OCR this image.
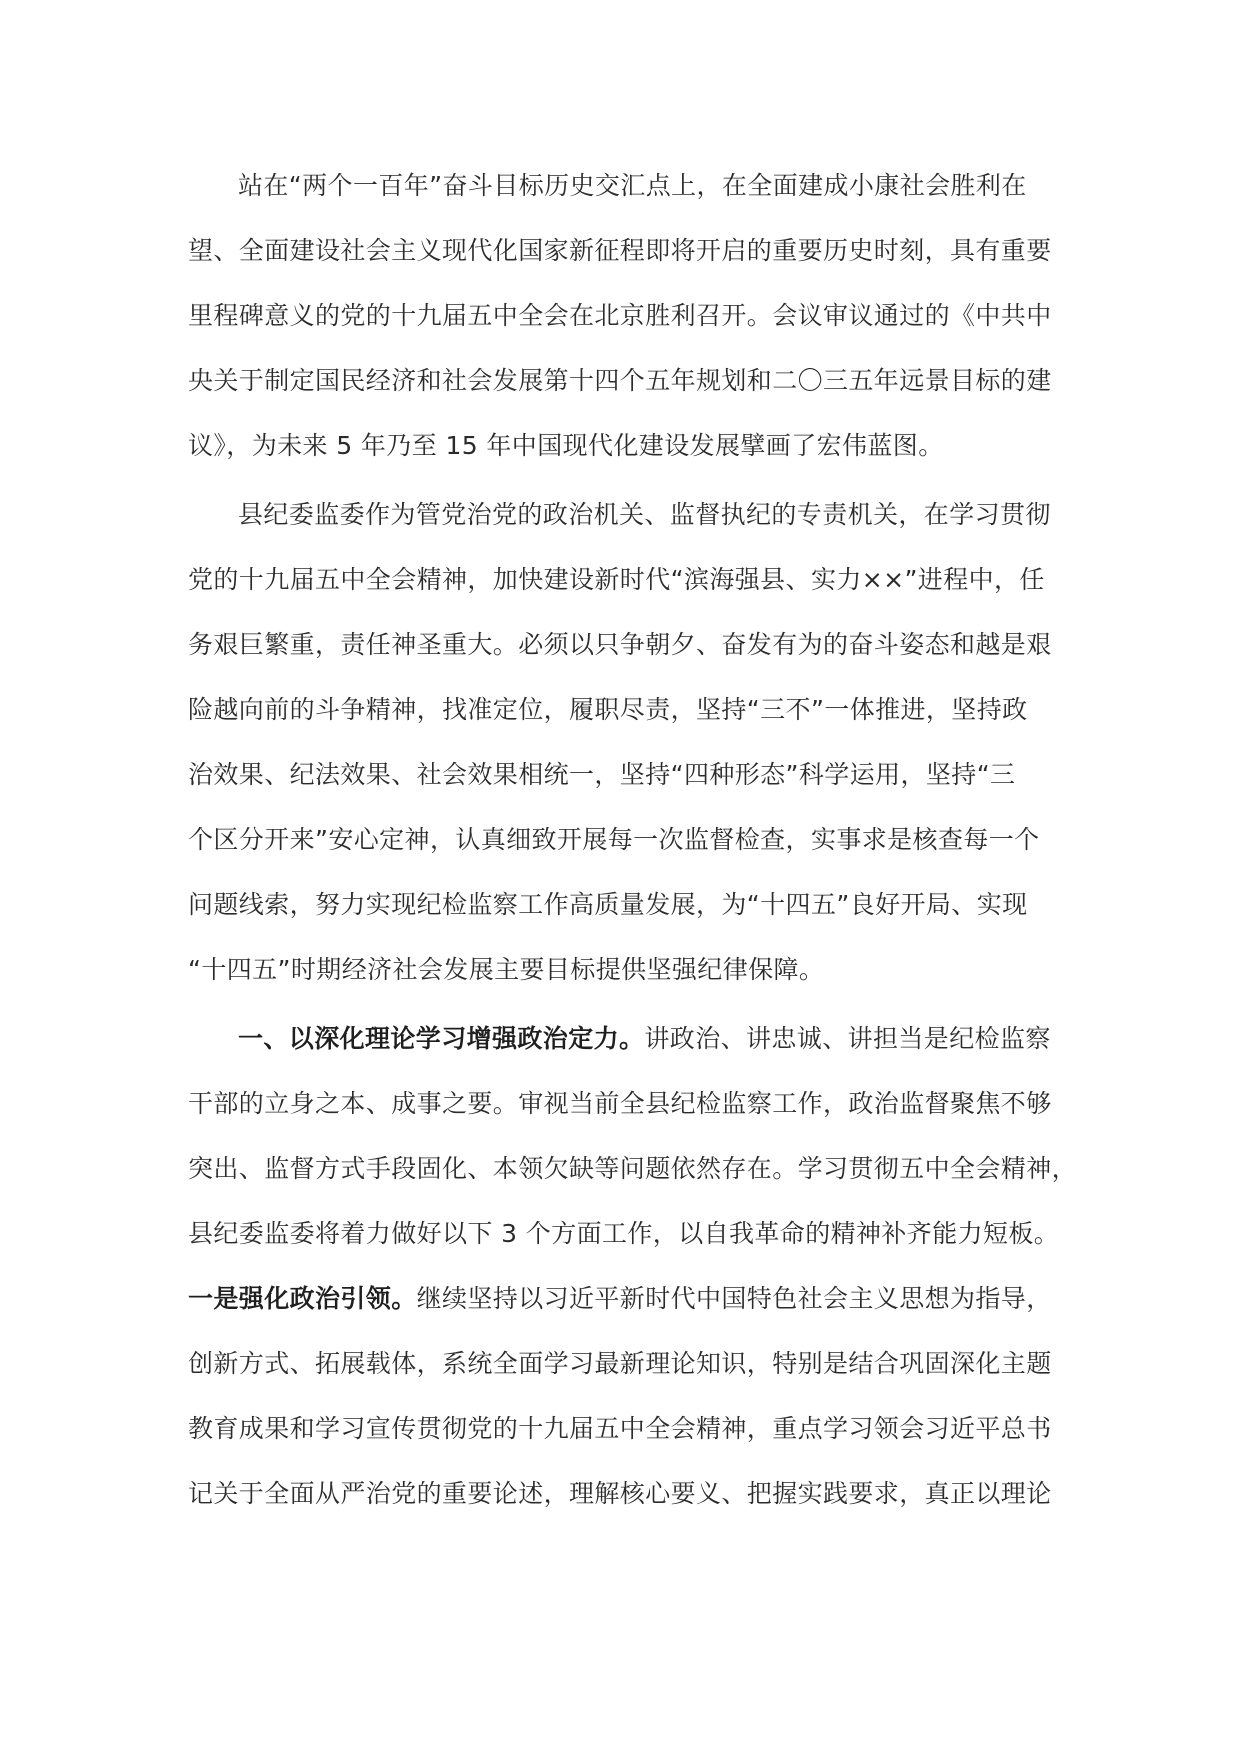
站在“两个一百年”奋斗目标历史交汇点上，在全面建成小康社会胜利在
望、全面建设社会主义现代化国家新征程即将开启的重要历史时刻，具有重要
里程碑意义的党的十九届五中全会在北京胜利召开。会议审议通过的《中共中
央关于制定国民经济和社会发展第十四个五年规划和二〇三五年远景目标的建
议》，为未来 5 年乃至 15 年中国现代化建设发展擘画了宏伟蓝图。
县纪委监委作为管党治党的政治机关、监督执纪的专责机关，在学习贯彻
党的十九届五中全会精神，加快建设新时代“滨海强县、实力××”进程中，任
务艰巨繁重，责任神圣重大。必须以只争朝夕、奋发有为的奋斗姿态和越是艰
险越向前的斗争精神，找准定位，履职尽责，坚持“三不”一体推进，坚持政
治效果、纪法效果、社会效果相统一，坚持“四种形态”科学运用，坚持“三
个区分开来”安心定神，认真细致开展每一次监督检查，实事求是核查每一个
问题线索，努力实现纪检监察工作高质量发展，为“十四五”良好开局、实现
“十四五”时期经济社会发展主要目标提供坚强纪律保障。
一、以深化理论学习增强政治定力。讲政治、讲忠诚、讲担当是纪检监察
干部的立身之本、成事之要。审视当前全县纪检监察工作，政治监督聚焦不够
突出、监督方式手段固化、本领欠缺等问题依然存在。学习贯彻五中全会精神，
县纪委监委将着力做好以下 3 个方面工作，以自我革命的精神补齐能力短板。
一是强化政治引领。继续坚持以习近平新时代中国特色社会主义思想为指导，
创新方式、拓展载体，系统全面学习最新理论知识，特别是结合巩固深化主题
教育成果和学习宣传贯彻党的十九届五中全会精神，重点学习领会习近平总书
记关于全面从严治党的重要论述，理解核心要义、把握实践要求，真正以理论
